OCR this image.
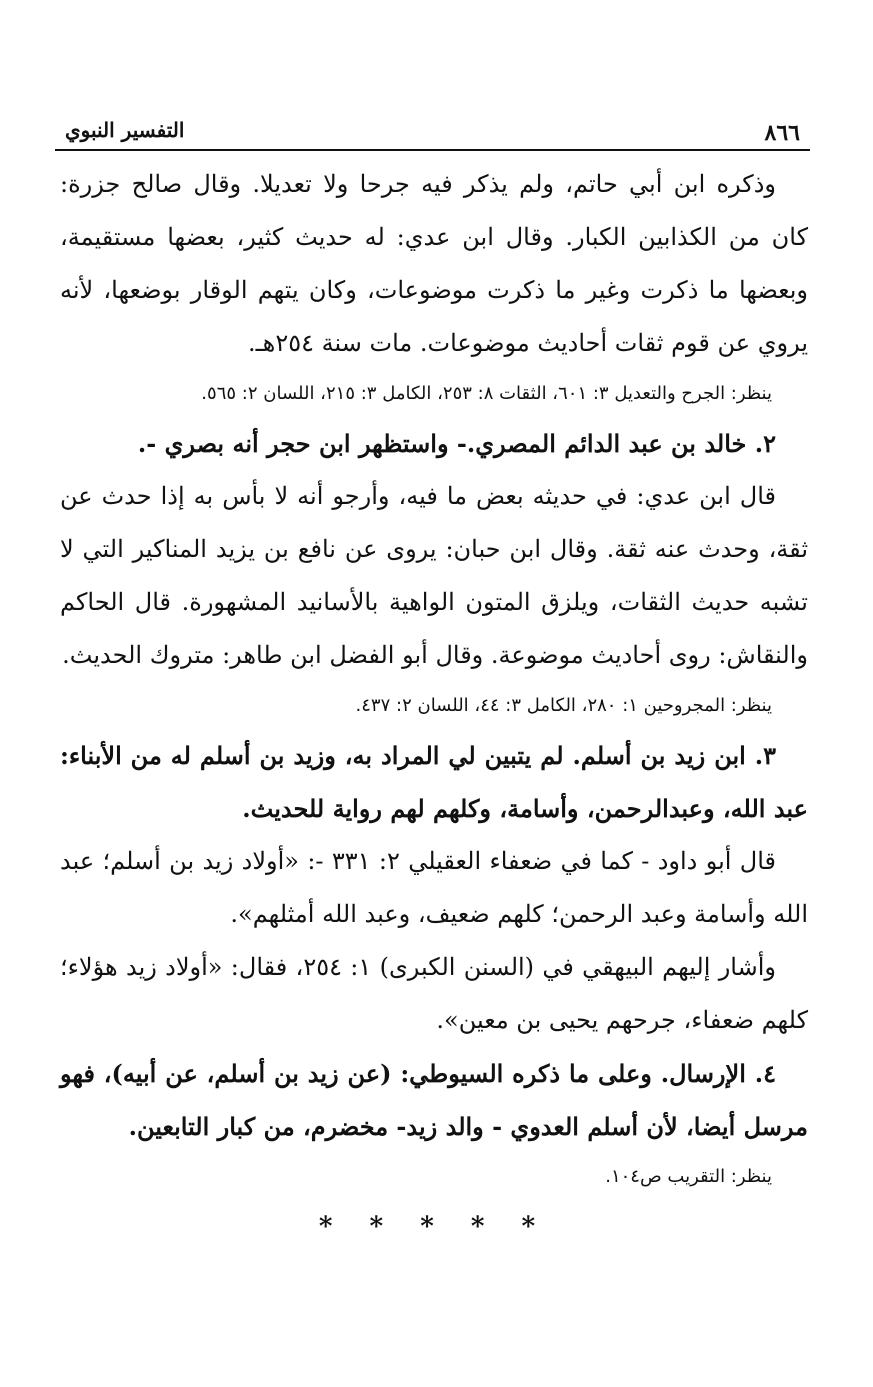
٨٦٦
التفسير النبوي

وذكره ابن أبي حاتم، ولم يذكر فيه جرحا ولا تعديلا. وقال صالح جزرة: كان من الكذابين الكبار. وقال ابن عدي: له حديث كثير، بعضها مستقيمة، وبعضها ما ذكرت وغير ما ذكرت موضوعات، وكان يتهم الوقار بوضعها، لأنه يروي عن قوم ثقات أحاديث موضوعات. مات سنة ٢٥٤هـ.

ينظر: الجرح والتعديل ٣: ٦٠١، الثقات ٨: ٢٥٣، الكامل ٣: ٢١٥، اللسان ٢: ٥٦٥.

٢. خالد بن عبد الدائم المصري.- واستظهر ابن حجر أنه بصري -.

قال ابن عدي: في حديثه بعض ما فيه، وأرجو أنه لا بأس به إذا حدث عن ثقة، وحدث عنه ثقة. وقال ابن حبان: يروى عن نافع بن يزيد المناكير التي لا تشبه حديث الثقات، ويلزق المتون الواهية بالأسانيد المشهورة. قال الحاكم والنقاش: روى أحاديث موضوعة. وقال أبو الفضل ابن طاهر: متروك الحديث.

ينظر: المجروحين ١: ٢٨٠، الكامل ٣: ٤٤، اللسان ٢: ٤٣٧.

٣. ابن زيد بن أسلم. لم يتبين لي المراد به، وزيد بن أسلم له من الأبناء: عبد الله، وعبدالرحمن، وأسامة، وكلهم لهم رواية للحديث.

قال أبو داود - كما في ضعفاء العقيلي ٢: ٣٣١ -: «أولاد زيد بن أسلم؛ عبد الله وأسامة وعبد الرحمن؛ كلهم ضعيف، وعبد الله أمثلهم».

وأشار إليهم البيهقي في (السنن الكبرى) ١: ٢٥٤، فقال: «أولاد زيد هؤلاء؛ كلهم ضعفاء، جرحهم يحيى بن معين».

٤. الإرسال. وعلى ما ذكره السيوطي: (عن زيد بن أسلم، عن أبيه)، فهو مرسل أيضا، لأن أسلم العدوي - والد زيد- مخضرم، من كبار التابعين.

ينظر: التقريب ص١٠٤.

* * * * *
